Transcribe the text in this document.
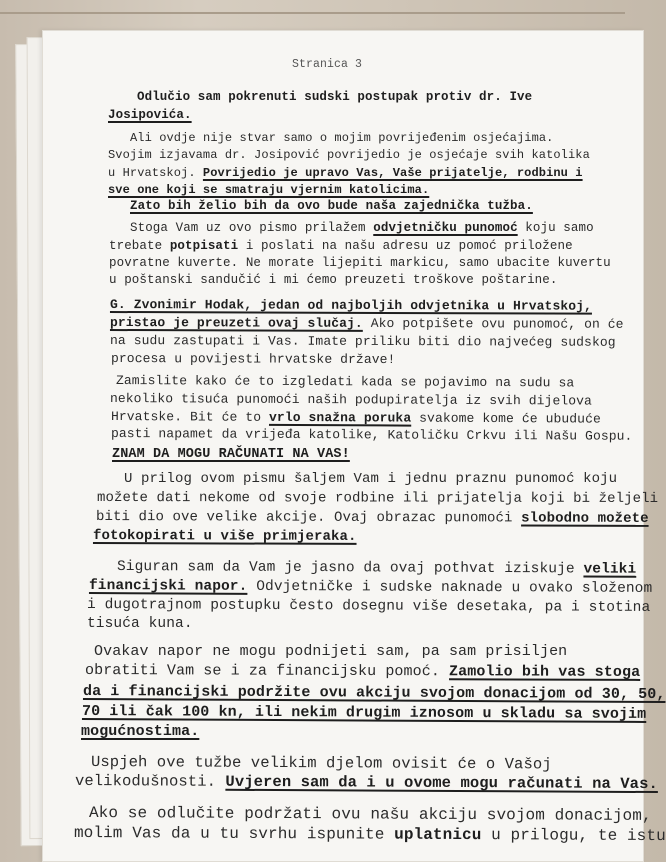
Stranica 3
Odlučio sam pokrenuti sudski postupak protiv dr. Ive
Josipovića.
Ali ovdje nije stvar samo o mojim povrijeđenim osjećajima.
Svojim izjavama dr. Josipović povrijedio je osjećaje svih katolika
u Hrvatskoj. Povrijedio je upravo Vas, Vaše prijatelje, rodbinu i
sve one koji se smatraju vjernim katolicima.
Zato bih želio bih da ovo bude naša zajednička tužba.
Stoga Vam uz ovo pismo prilažem odvjetničku punomoć koju samo
trebate potpisati i poslati na našu adresu uz pomoć priložene
povratne kuverte. Ne morate lijepiti markicu, samo ubacite kuvertu
u poštanski sandučić i mi ćemo preuzeti troškove poštarine.
G. Zvonimir Hodak, jedan od najboljih odvjetnika u Hrvatskoj,
pristao je preuzeti ovaj slučaj. Ako potpišete ovu punomoć, on će
na sudu zastupati i Vas. Imate priliku biti dio najvećeg sudskog
procesa u povijesti hrvatske države!
Zamislite kako će to izgledati kada se pojavimo na sudu sa
nekoliko tisuća punomoći naših podupiratelja iz svih dijelova
Hrvatske. Bit će to vrlo snažna poruka svakome kome će ubuduće
pasti napamet da vrijeđa katolike, Katoličku Crkvu ili Našu Gospu.
ZNAM DA MOGU RAČUNATI NA VAS!
U prilog ovom pismu šaljem Vam i jednu praznu punomoć koju
možete dati nekome od svoje rodbine ili prijatelja koji bi željeli
biti dio ove velike akcije. Ovaj obrazac punomoći slobodno možete
fotokopirati u više primjeraka.
Siguran sam da Vam je jasno da ovaj pothvat iziskuje veliki
financijski napor. Odvjetničke i sudske naknade u ovako složenom
i dugotrajnom postupku često dosegnu više desetaka, pa i stotina
tisuća kuna.
Ovakav napor ne mogu podnijeti sam, pa sam prisiljen
obratiti Vam se i za financijsku pomoć. Zamolio bih vas stoga
da i financijski podržite ovu akciju svojom donacijom od 30, 50,
70 ili čak 100 kn, ili nekim drugim iznosom u skladu sa svojim
mogućnostima.
Uspjeh ove tužbe velikim djelom ovisit će o Vašoj
velikodušnosti. Uvjeren sam da i u ovome mogu računati na Vas.
Ako se odlučite podržati ovu našu akciju svojom donacijom,
molim Vas da u tu svrhu ispunite uplatnicu u prilogu, te istu
